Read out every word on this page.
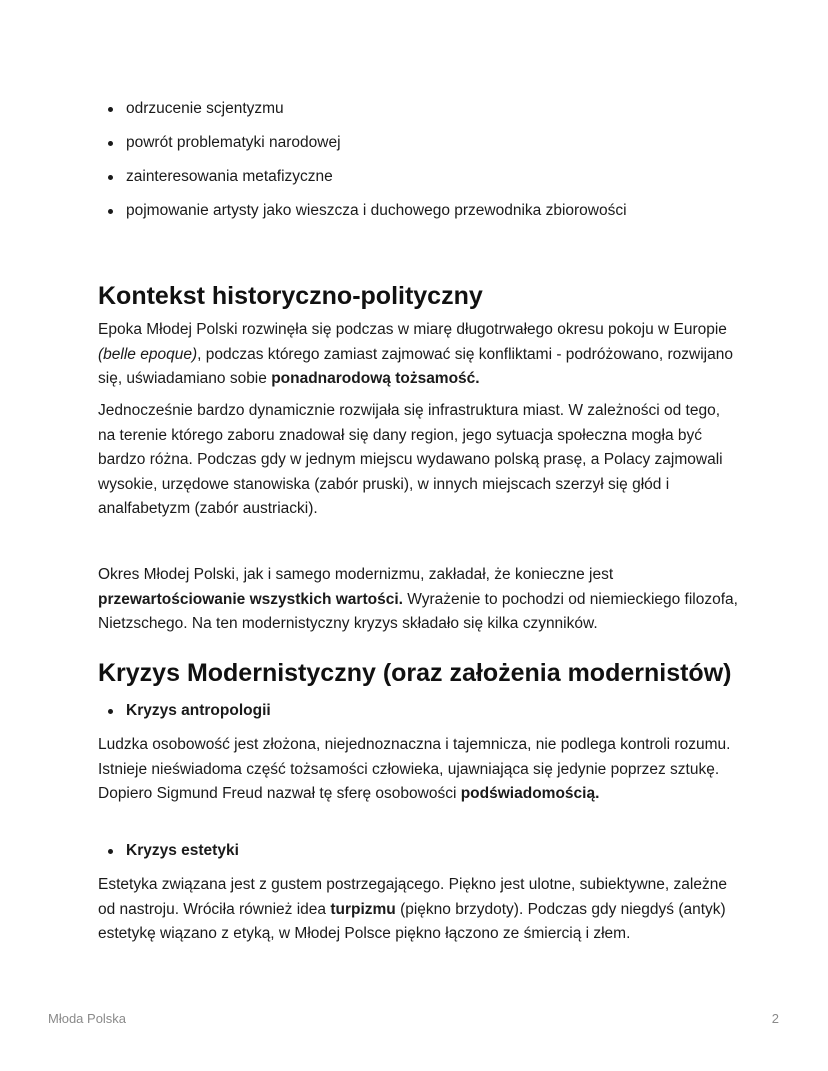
odrzucenie scjentyzmu
powrót problematyki narodowej
zainteresowania metafizyczne
pojmowanie artysty jako wieszcza i duchowego przewodnika zbiorowości
Kontekst historyczno-polityczny

Epoka Młodej Polski rozwinęła się podczas w miarę długotrwałego okresu pokoju w Europie (belle epoque), podczas którego zamiast zajmować się konfliktami - podróżowano, rozwijano się, uświadamiano sobie ponadnarodową tożsamość.

Jednocześnie bardzo dynamicznie rozwijała się infrastruktura miast. W zależności od tego, na terenie którego zaboru znadował się dany region, jego sytuacja społeczna mogła być bardzo różna. Podczas gdy w jednym miejscu wydawano polską prasę, a Polacy zajmowali wysokie, urzędowe stanowiska (zabór pruski), w innych miejscach szerzył się głód i analfabetyzm (zabór austriacki).

Okres Młodej Polski, jak i samego modernizmu, zakładał, że konieczne jest przewartościowanie wszystkich wartości. Wyrażenie to pochodzi od niemieckiego filozofa, Nietzschego. Na ten modernistyczny kryzys składało się kilka czynników.

Kryzys Modernistyczny (oraz założenia modernistów)
Kryzys antropologii

Ludzka osobowość jest złożona, niejednoznaczna i tajemnicza, nie podlega kontroli rozumu. Istnieje nieświadoma część tożsamości człowieka, ujawniająca się jedynie poprzez sztukę. Dopiero Sigmund Freud nazwał tę sferę osobowości podświadomością.

Kryzys estetyki

Estetyka związana jest z gustem postrzegającego. Piękno jest ulotne, subiektywne, zależne od nastroju. Wróciła również idea turpizmu (piękno brzydoty). Podczas gdy niegdyś (antyk) estetykę wiązano z etyką, w Młodej Polsce piękno łączono ze śmiercią i złem.

Młoda Polska	2
